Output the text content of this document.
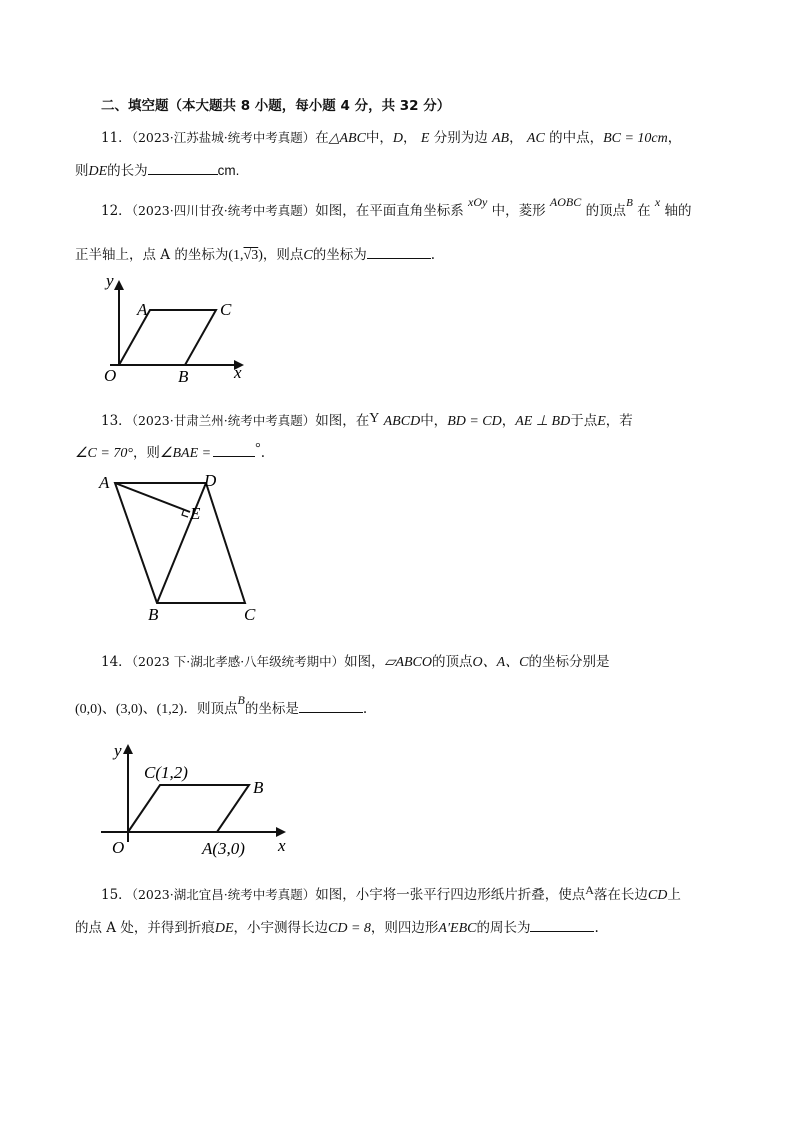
二、填空题（本大题共 8 小题，每小题 4 分，共 32 分）
11．（2023·江苏盐城·统考中考真题）在△ABC中，D， E 分别为边 AB， AC 的中点，BC = 10cm，
则DE的长为	cm.
12．（2023·四川甘孜·统考中考真题）如图，在平面直角坐标系 xOy 中，菱形 AOBC 的顶点$^B$ 在 x 轴的
正半轴上，点 A 的坐标为(1,√3)，则点C的坐标为	.
y
A	C
O	B	x
13．（2023·甘肃兰州·统考中考真题）如图，在Y ABCD中，BD = CD，AE ⊥ BD于点E，若
∠C = 70°，则∠BAE =	°.
A	D
E
B	C
14．（2023 下·湖北孝感·八年级统考期中）如图，▱ABCO的顶点O、A、C的坐标分别是
(0,0)、(3,0)、(1,2)．则顶点B的坐标是	.
y
C(1,2)
B
O	A(3,0) x
15．（2023·湖北宜昌·统考中考真题）如图，小宇将一张平行四边形纸片折叠，使点A落在长边CD上
的点 A 处，并得到折痕DE，小宇测得长边CD = 8，则四边形A′EBC的周长为	.
